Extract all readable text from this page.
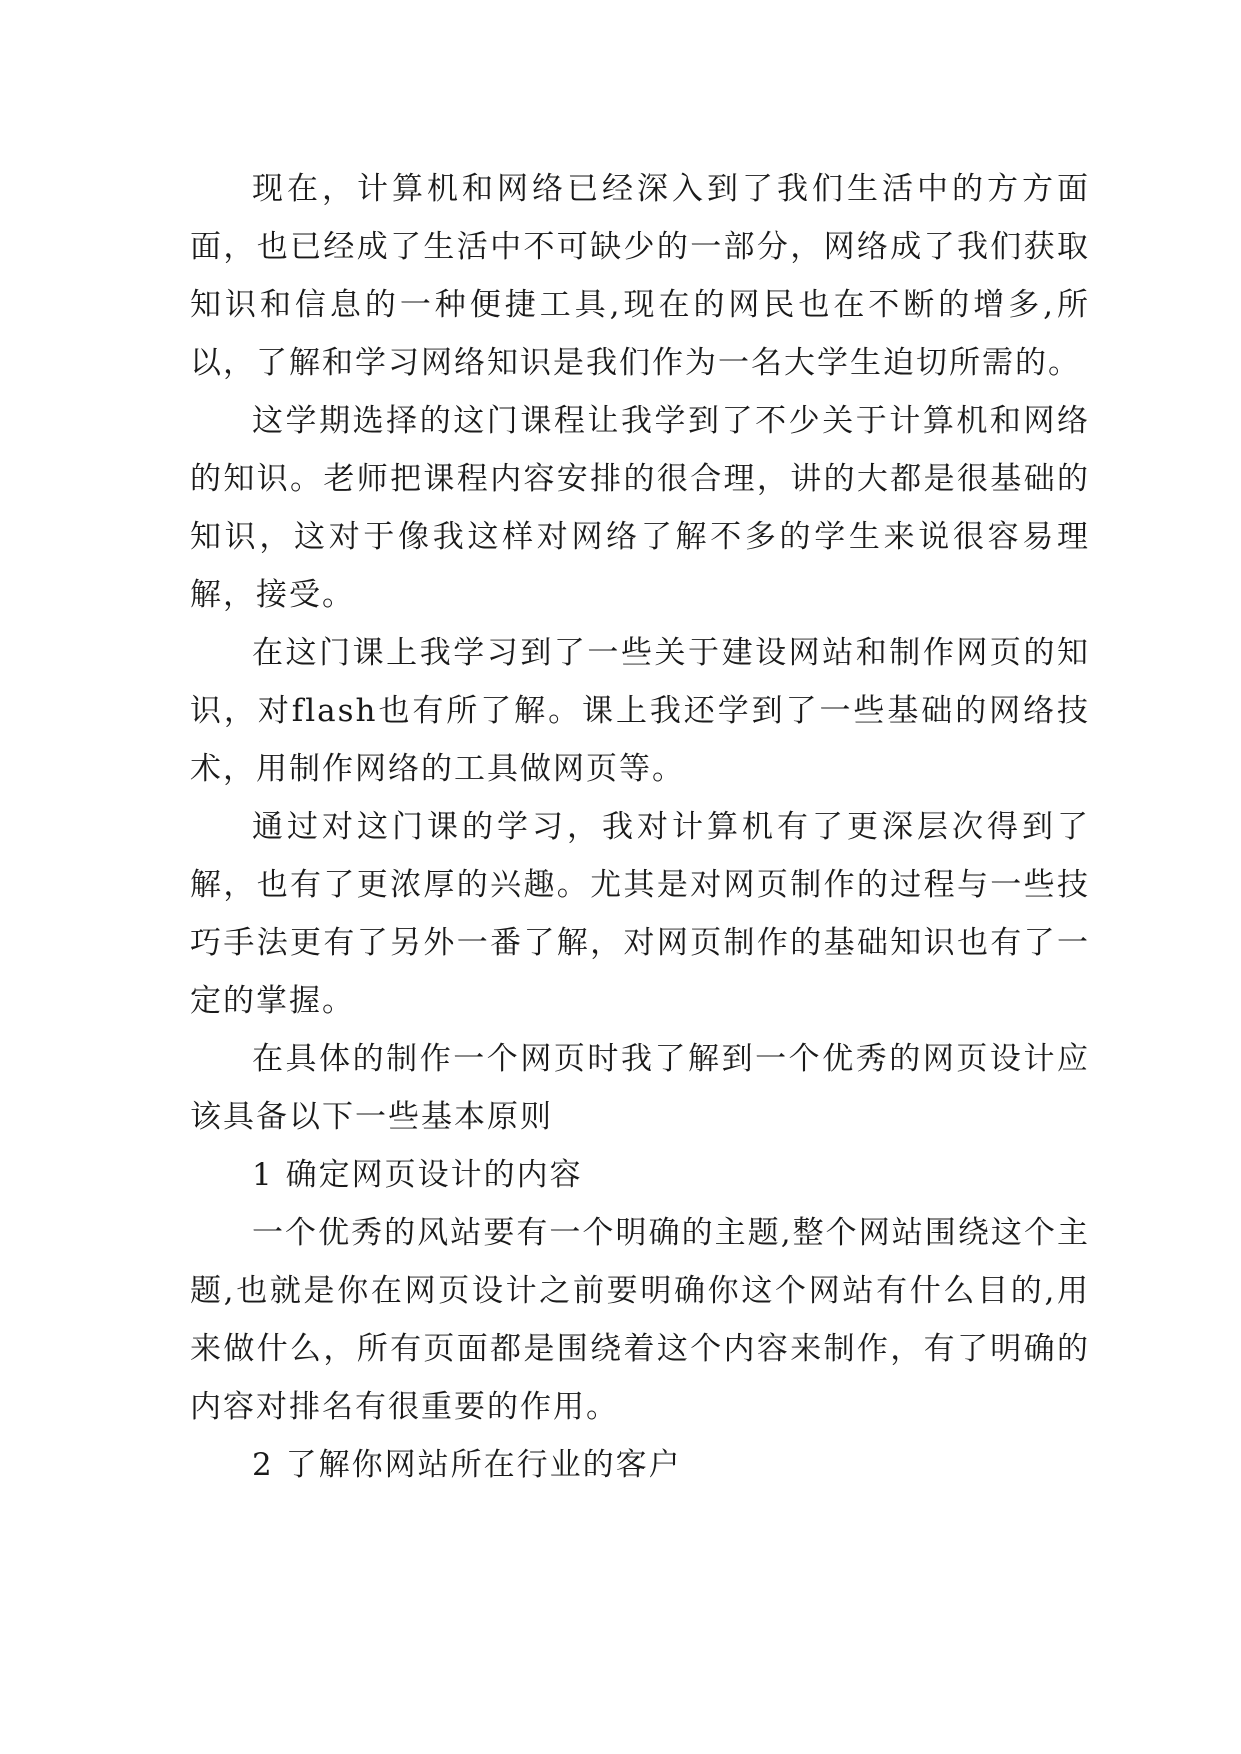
现在，计算机和网络已经深入到了我们生活中的方方面面，也已经成了生活中不可缺少的一部分，网络成了我们获取知识和信息的一种便捷工具,现在的网民也在不断的增多,所以，了解和学习网络知识是我们作为一名大学生迫切所需的。

这学期选择的这门课程让我学到了不少关于计算机和网络的知识。老师把课程内容安排的很合理，讲的大都是很基础的知识，这对于像我这样对网络了解不多的学生来说很容易理解，接受。

在这门课上我学习到了一些关于建设网站和制作网页的知识，对flash也有所了解。课上我还学到了一些基础的网络技术，用制作网络的工具做网页等。

通过对这门课的学习，我对计算机有了更深层次得到了解，也有了更浓厚的兴趣。尤其是对网页制作的过程与一些技巧手法更有了另外一番了解，对网页制作的基础知识也有了一定的掌握。

在具体的制作一个网页时我了解到一个优秀的网页设计应该具备以下一些基本原则

1 确定网页设计的内容

一个优秀的风站要有一个明确的主题,整个网站围绕这个主题,也就是你在网页设计之前要明确你这个网站有什么目的,用来做什么，所有页面都是围绕着这个内容来制作，有了明确的内容对排名有很重要的作用。

2 了解你网站所在行业的客户
